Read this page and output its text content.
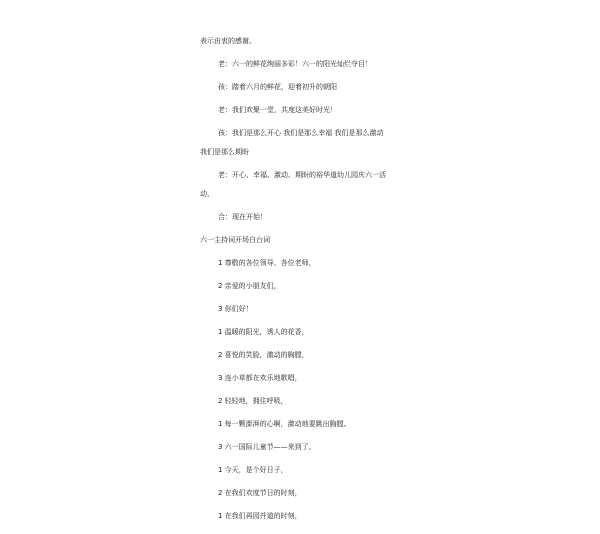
表示由衷的感谢。
老：六一的鲜花绚丽多彩！六一的阳光灿烂夺目！
孩：踏着六月的鲜花，迎着初升的朝阳
老：我们欢聚一堂，共度这美好时光！
孩：我们是那么开心 我们是那么幸福 我们是那么激动
我们是那么期盼
老：开心、幸福、激动、期盼的裕华道幼儿园庆六一活
动，
合：现在开始！
六一主持词开场白台词
1 尊敬的各位领导、各位老师，
2 亲爱的小朋友们，
3 你们好！
1 温暖的阳光，诱人的花香，
2 喜悦的笑脸，激动的胸膛，
3 连小草都在欢乐地歌唱，
2 轻轻地，拥住呼吸，
1 每一颗澎湃的心啊，激动地要跳出胸膛。
3 六一国际儿童节——来到了。
1 今天，是个好日子，
2 在我们欢度节日的时刻，
1 在我们再园并道的时刻，
